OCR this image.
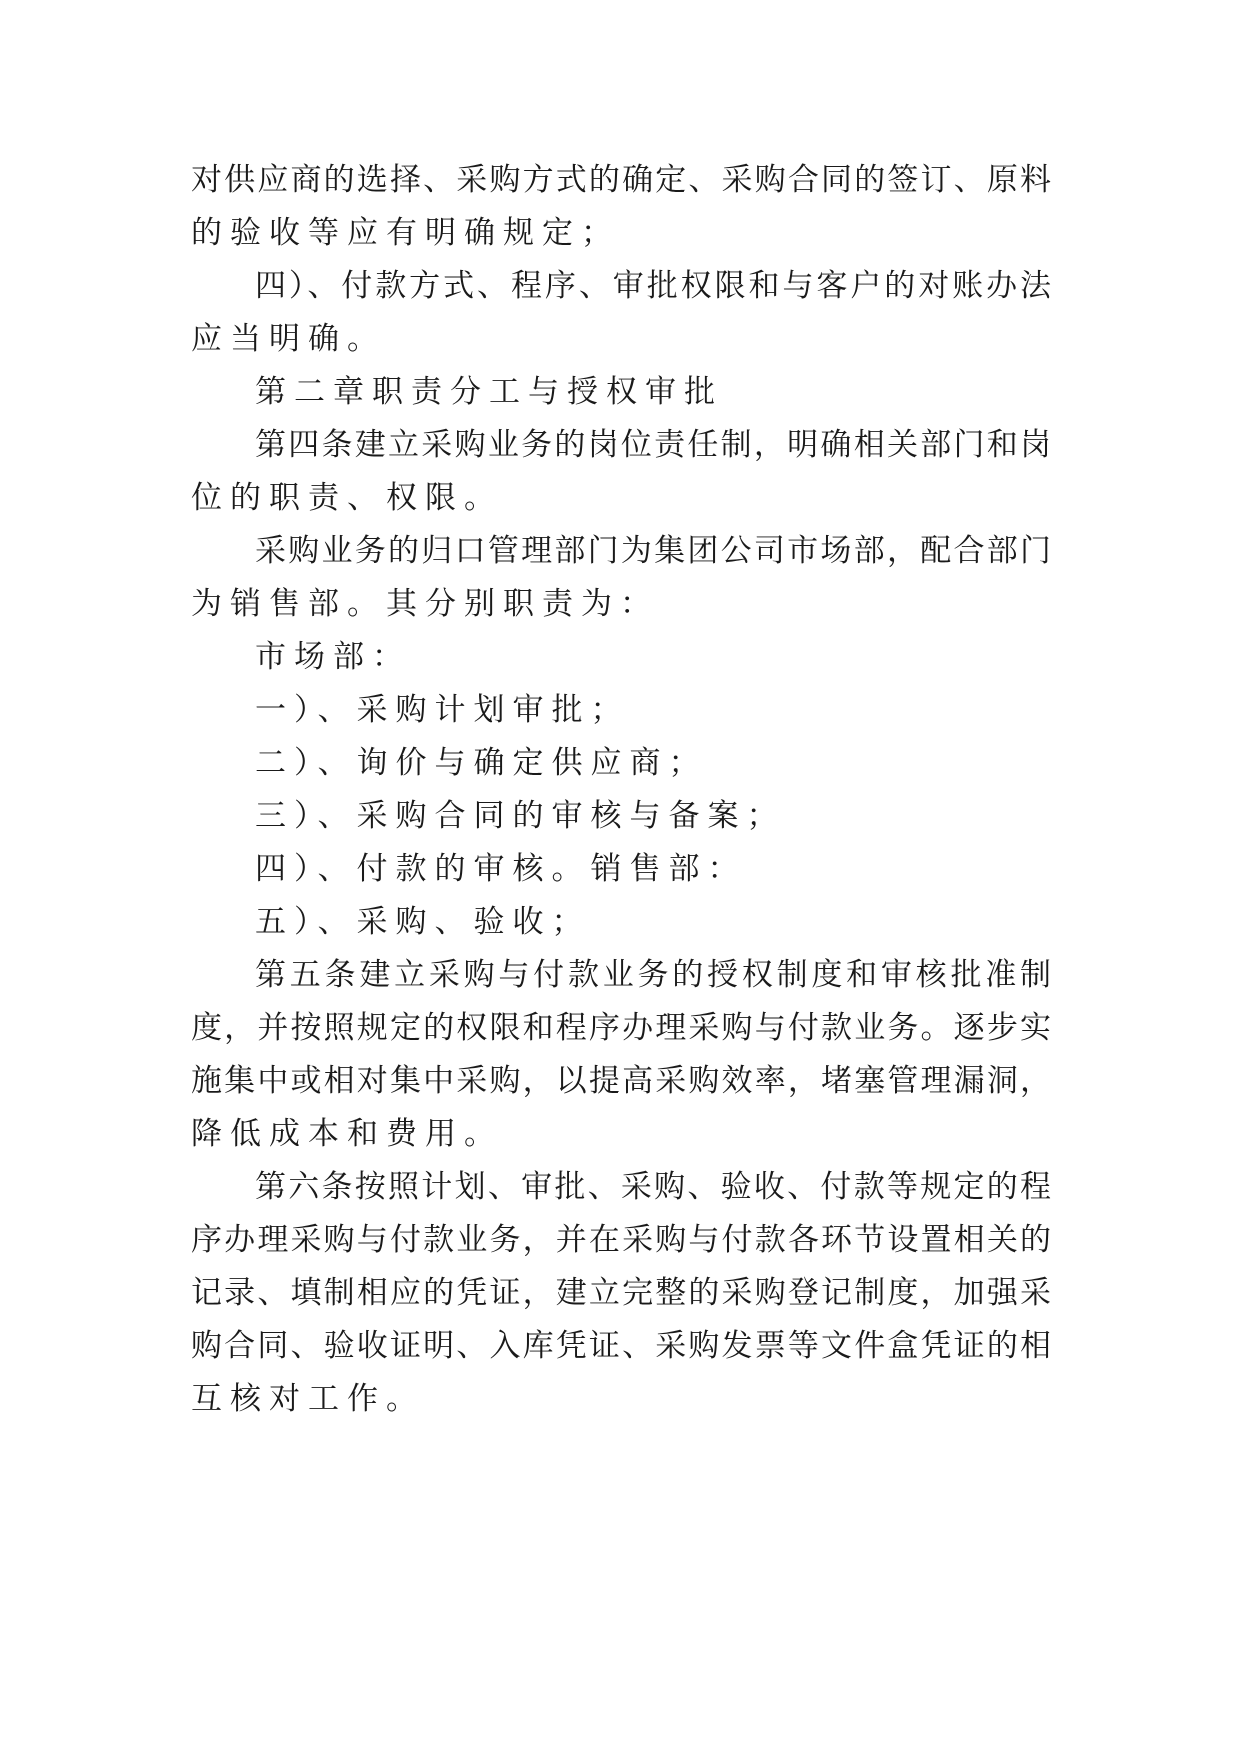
对供应商的选择、采购方式的确定、采购合同的签订、原料
的验收等应有明确规定；
四）、付款方式、程序、审批权限和与客户的对账办法
应当明确。
第二章职责分工与授权审批
第四条建立采购业务的岗位责任制，明确相关部门和岗
位的职责、权限。
采购业务的归口管理部门为集团公司市场部，配合部门
为销售部。其分别职责为：
市场部：
一）、采购计划审批；
二）、询价与确定供应商；
三）、采购合同的审核与备案；
四）、付款的审核。销售部：
五）、采购、验收；
第五条建立采购与付款业务的授权制度和审核批准制
度，并按照规定的权限和程序办理采购与付款业务。逐步实
施集中或相对集中采购，以提高采购效率，堵塞管理漏洞，
降低成本和费用。
第六条按照计划、审批、采购、验收、付款等规定的程
序办理采购与付款业务，并在采购与付款各环节设置相关的
记录、填制相应的凭证，建立完整的采购登记制度，加强采
购合同、验收证明、入库凭证、采购发票等文件盒凭证的相
互核对工作。
